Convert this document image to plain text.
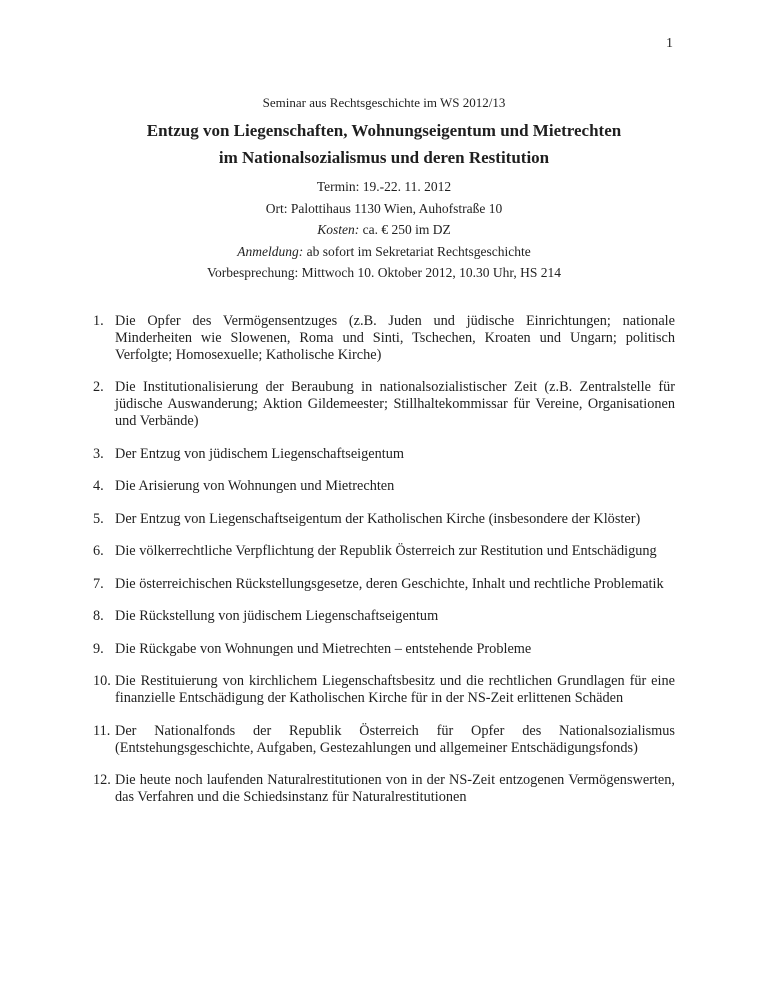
1
Seminar aus Rechtsgeschichte im WS 2012/13
Entzug von Liegenschaften, Wohnungseigentum und Mietrechten
im Nationalsozialismus und deren Restitution
Termin: 19.-22. 11. 2012
Ort: Palottihaus 1130 Wien, Auhofstraße 10
Kosten: ca. € 250 im DZ
Anmeldung: ab sofort im Sekretariat Rechtsgeschichte
Vorbesprechung: Mittwoch 10. Oktober 2012, 10.30 Uhr, HS 214
1. Die Opfer des Vermögensentzuges (z.B. Juden und jüdische Einrichtungen; nationale Minderheiten wie Slowenen, Roma und Sinti, Tschechen, Kroaten und Ungarn; politisch Verfolgte; Homosexuelle; Katholische Kirche)
2. Die Institutionalisierung der Beraubung in nationalsozialistischer Zeit (z.B. Zentralstelle für jüdische Auswanderung; Aktion Gildemeester; Stillhaltekommissar für Vereine, Organisationen und Verbände)
3. Der Entzug von jüdischem Liegenschaftseigentum
4. Die Arisierung von Wohnungen und Mietrechten
5. Der Entzug von Liegenschaftseigentum der Katholischen Kirche (insbesondere der Klöster)
6. Die völkerrechtliche Verpflichtung der Republik Österreich zur Restitution und Entschädigung
7. Die österreichischen Rückstellungsgesetze, deren Geschichte, Inhalt und rechtliche Problematik
8. Die Rückstellung von jüdischem Liegenschaftseigentum
9. Die Rückgabe von Wohnungen und Mietrechten – entstehende Probleme
10. Die Restituierung von kirchlichem Liegenschaftsbesitz und die rechtlichen Grundlagen für eine finanzielle Entschädigung der Katholischen Kirche für in der NS-Zeit erlittenen Schäden
11. Der Nationalfonds der Republik Österreich für Opfer des Nationalsozialismus (Entstehungsgeschichte, Aufgaben, Gestezahlungen und allgemeiner Entschädigungsfonds)
12. Die heute noch laufenden Naturalrestitutionen von in der NS-Zeit entzogenen Vermögenswerten, das Verfahren und die Schiedsinstanz für Naturalrestitutionen
